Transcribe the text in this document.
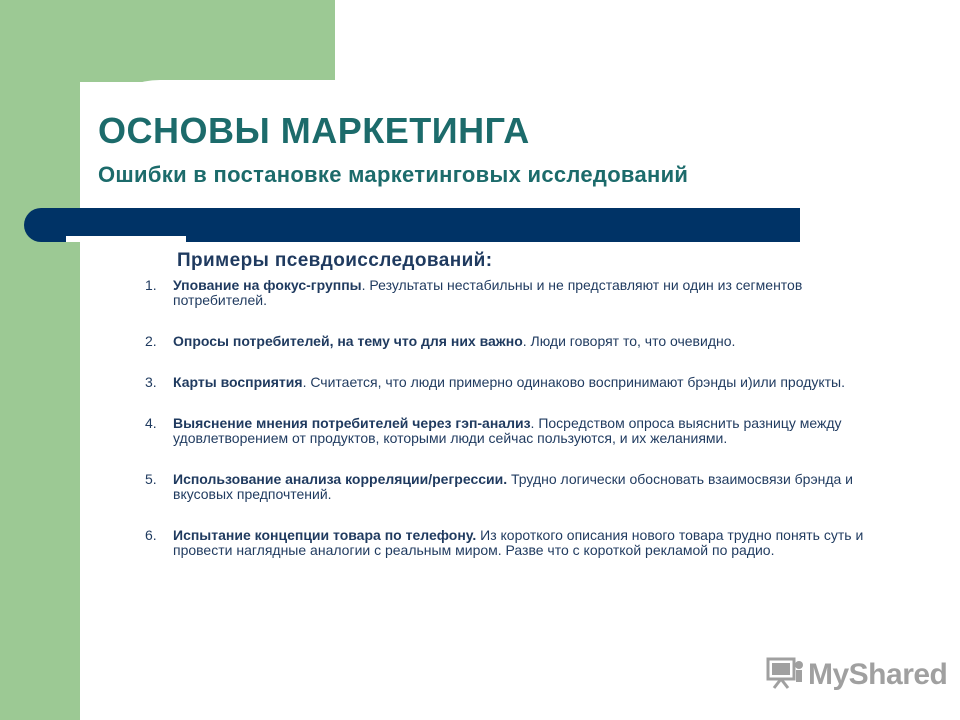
ОСНОВЫ МАРКЕТИНГА
Ошибки в постановке маркетинговых исследований

Примеры псевдоисследований:

1. Упование на фокус-группы. Результаты нестабильны и не представляют ни один из сегментов потребителей.

2. Опросы потребителей, на тему что для них важно. Люди говорят то, что очевидно.

3. Карты восприятия. Считается, что люди примерно одинаково воспринимают брэнды и)или продукты.

4. Выяснение мнения потребителей через гэп-анализ. Посредством опроса выяснить разницу между удовлетворением от продуктов, которыми люди сейчас пользуются, и их желаниями.

5. Использование анализа корреляции/регрессии. Трудно логически обосновать взаимосвязи брэнда и вкусовых предпочтений.

6. Испытание концепции товара по телефону. Из короткого описания нового товара трудно понять суть и провести наглядные аналогии с реальным миром. Разве что с короткой рекламой по радио.

MyShared
